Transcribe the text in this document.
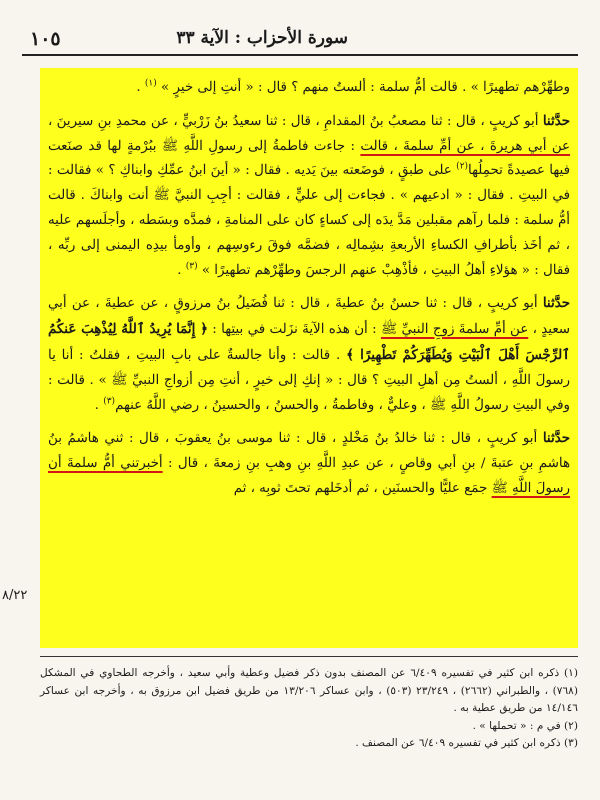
١٠٥	سورة الأحزاب : الآية ٣٣

وطهِّرْهم تطهيرًا » . قالت أمُّ سلمة : ألستُ منهم ؟ قال : « أنتِ إلى خيرٍ » $^{(١)}$ .

حدَّثنا أبو كريبٍ ، قال : ثنا مصعبُ بنُ المقدامِ ، قال : ثنا سعيدُ بنُ زَرْبيٍّ ، عن محمدِ بنِ سيرينَ ، عن أبي هريرةَ ، عن أمِّ سلمةَ ، قالت : جاءت فاطمةُ إلى رسولِ اللَّهِ ﷺ ببُرْمةٍ لها قد صنَعت فيها عصيدةً تحمِلُها$^{(٢)}$ على طبقٍ ، فوضَعته بينَ يَديه . فقال : « أينَ ابنُ عمِّكِ وابناكِ ؟ » فقالت : في البيتِ . فقال : « ادعيهم » . فجاءت إلى عليٍّ ، فقالت : أجِبِ النبيَّ ﷺ أنت وابناكَ . قالت أمُّ سلمة : فلما رآهم مقبلين مَدَّ يدَه إلى كساءٍ كان على المنامةِ ، فمدَّه وبسَطه ، وأجلَسهم عليه ، ثم أخَذ بأطرافِ الكساءِ الأربعةِ بشِمالِه ، فضمَّه فوقَ رءوسِهم ، وأومأ بيدِه اليمنى إلى ربِّه ، فقال : « هؤلاءِ أهلُ البيتِ ، فأذْهِبْ عنهم الرجسَ وطهِّرْهم تطهيرًا » $^{(٣)}$ .

حدَّثنا أبو كريبٍ ، قال : ثنا حسنُ بنُ عطيةَ ، قال : ثنا فُضَيلُ بنُ مرزوقٍ ، عن عطيةَ ، عن أبي سعيدٍ ، عن أمِّ سلمةَ زوجِ النبيِّ ﷺ : أن هذه الآيةَ نزَلت في بيتِها : ﴿ إِنَّمَا يُرِيدُ ٱللَّهُ لِيُذْهِبَ عَنكُمُ ٱلرِّجْسَ أَهْلَ ٱلْبَيْتِ وَيُطَهِّرَكُمْ تَطْهِيرًا ﴾ . قالت : وأنا جالسةٌ على بابِ البيتِ ، فقلتُ : أنا يا رسولَ اللَّهِ ، ألستُ مِن أهلِ البيتِ ؟ قال : « إنكِ إلى خيرٍ ، أنتِ مِن أزواجِ النبيِّ ﷺ » . قالت : وفي البيتِ رسولُ اللَّهِ ﷺ ، وعليٌّ ، وفاطمةُ ، والحسنُ ، والحسينُ ، رضي اللَّهُ عنهم$^{(٣)}$ .

حدَّثنا أبو كريبٍ ، قال : ثنا خالدُ بنُ مَخْلدٍ ، قال : ثنا موسى بنُ يعقوبَ ، قال : ثني هاشمُ بنُ هاشمِ بنِ عتبةَ / بنِ أبي وقاصٍ ، عن عبدِ اللَّهِ بنِ وهبِ بنِ زمعةَ ، قال : أخبرتني أمُّ سلمةَ أن رسولَ اللَّهِ ﷺ جمَع عليًّا والحسنَين ، ثم أدخَلهم تحتَ ثوبِه ، ثم

٨/٢٢

(١) ذكره ابن كثير في تفسيره ٦/٤٠٩ عن المصنف بدون ذكر فضيل وعطية وأبي سعيد ، وأخرجه الطحاوي في المشكل (٧٦٨) ، والطبراني (٢٦٦٢) ، ٢٣/٢٤٩ (٥٠٣) ، وابن عساكر ١٣/٢٠٦ من طريق فضيل ابن مرزوق به ، وأخرجه ابن عساكر ١٤/١٤٦ من طريق عطية به .

(٢) في م : « تحملها » .

(٣) ذكره ابن كثير في تفسيره ٦/٤٠٩ عن المصنف .
